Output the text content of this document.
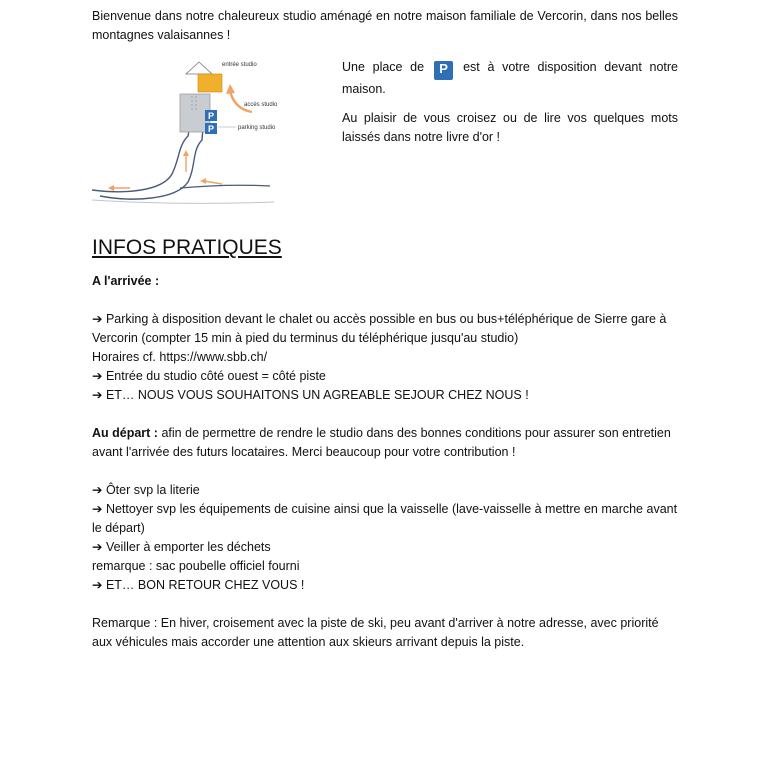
Bienvenue dans notre chaleureux studio aménagé en notre maison familiale de Vercorin, dans nos belles montagnes valaisannes !

P
P
entrée studio
accès studio
parking studio

Une place de P est à votre disposition devant notre maison.

Au plaisir de vous croisez ou de lire vos quelques mots laissés dans notre livre d'or !

INFOS PRATIQUES

A l'arrivée :

➔ Parking à disposition devant le chalet ou accès possible en bus ou bus+téléphérique de Sierre gare à Vercorin (compter 15 min à pied du terminus du téléphérique jusqu'au studio)

Horaires cf. https://www.sbb.ch/

➔ Entrée du studio côté ouest = côté piste

➔ ET… NOUS VOUS SOUHAITONS UN AGREABLE SEJOUR CHEZ NOUS !

Au départ : afin de permettre de rendre le studio dans des bonnes conditions pour assurer son entretien avant l'arrivée des futurs locataires. Merci beaucoup pour votre contribution !

➔ Ôter svp la literie

➔ Nettoyer svp les équipements de cuisine ainsi que la vaisselle (lave-vaisselle à mettre en marche avant le départ)

➔ Veiller à emporter les déchets

remarque : sac poubelle officiel fourni

➔ ET… BON RETOUR CHEZ VOUS !

Remarque : En hiver, croisement avec la piste de ski, peu avant d'arriver à notre adresse, avec priorité aux véhicules mais accorder une attention aux skieurs arrivant depuis la piste.
